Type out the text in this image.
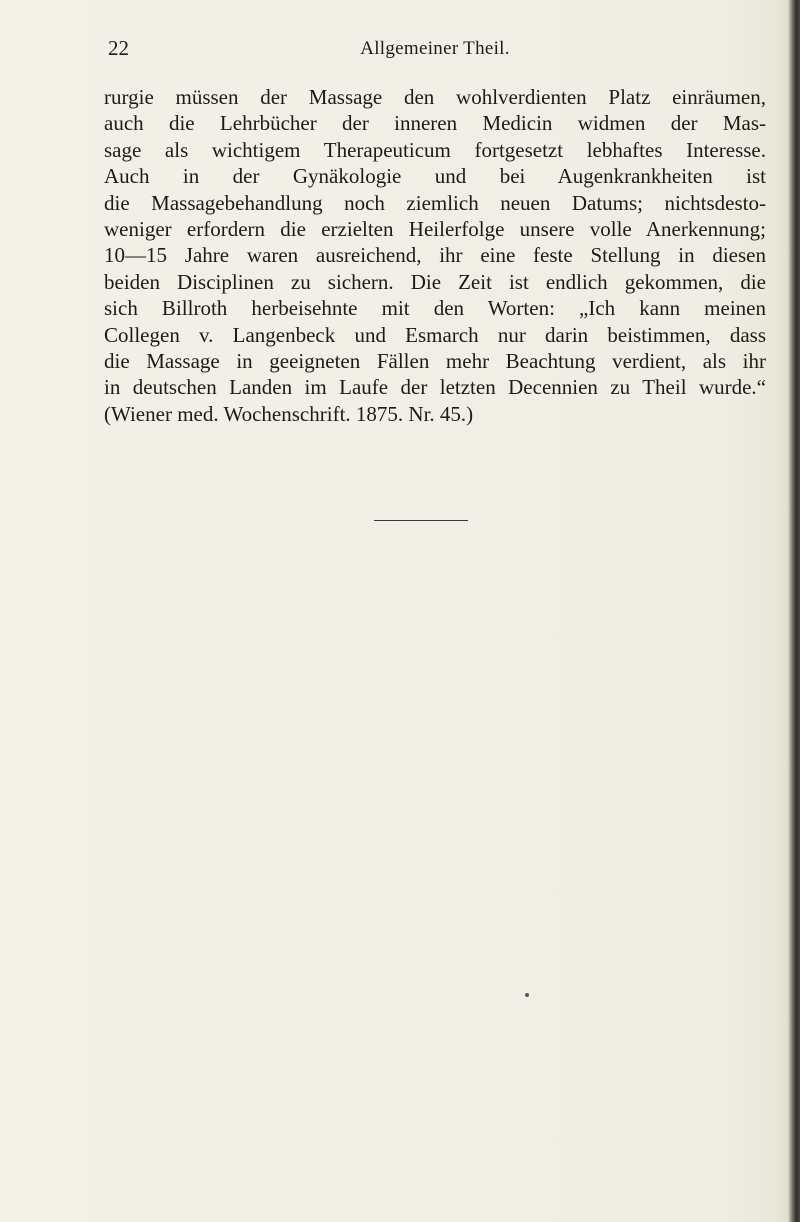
22	Allgemeiner Theil.
rurgie müssen der Massage den wohlverdienten Platz einräumen,
auch die Lehrbücher der inneren Medicin widmen der Mas-
sage als wichtigem Therapeuticum fortgesetzt lebhaftes Interesse.
Auch in der Gynäkologie und bei Augenkrankheiten ist
die Massagebehandlung noch ziemlich neuen Datums; nichtsdesto-
weniger erfordern die erzielten Heilerfolge unsere volle Anerkennung;
10—15 Jahre waren ausreichend, ihr eine feste Stellung in diesen
beiden Disciplinen zu sichern. Die Zeit ist endlich gekommen, die
sich Billroth herbeisehnte mit den Worten: „Ich kann meinen
Collegen v. Langenbeck und Esmarch nur darin beistimmen, dass
die Massage in geeigneten Fällen mehr Beachtung verdient, als ihr
in deutschen Landen im Laufe der letzten Decennien zu Theil wurde.“
(Wiener med. Wochenschrift. 1875. Nr. 45.)
